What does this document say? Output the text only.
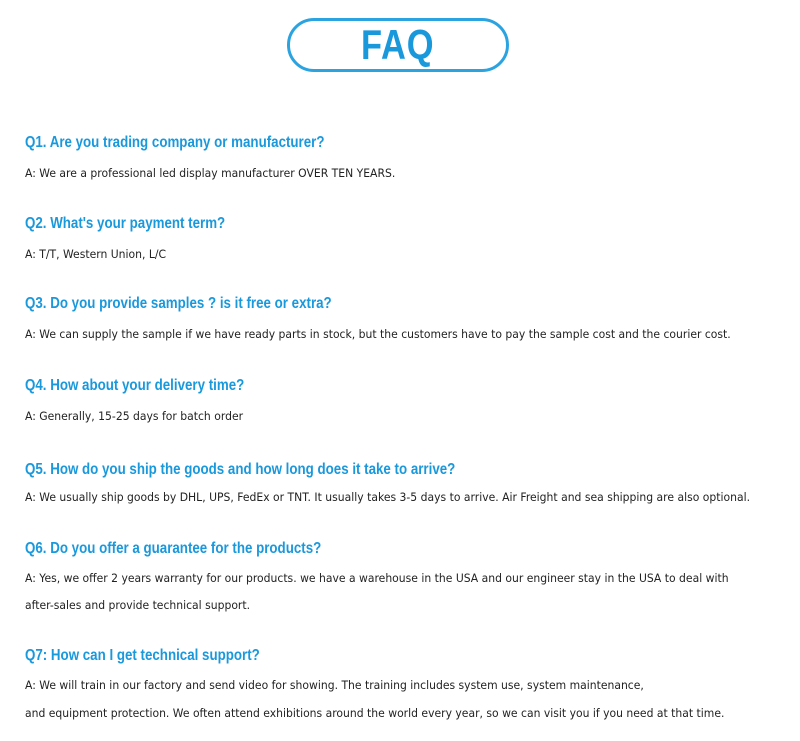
FAQ

Q1. Are you trading company or manufacturer?

A: We are a professional led display manufacturer OVER TEN YEARS.

Q2. What's your payment term?

A: T/T, Western Union, L/C

Q3. Do you provide samples ? is it free or extra?

A: We can supply the sample if we have ready parts in stock, but the customers have to pay the sample cost and the courier cost.

Q4. How about your delivery time?

A: Generally, 15-25 days for batch order

Q5. How do you ship the goods and how long does it take to arrive?

A: We usually ship goods by DHL, UPS, FedEx or TNT. It usually takes 3-5 days to arrive. Air Freight and sea shipping are also optional.

Q6. Do you offer a guarantee for the products?

A: Yes, we offer 2 years warranty for our products. we have a warehouse in the USA and our engineer stay in the USA to deal with

after-sales and provide technical support.

Q7: How can I get technical support?

A: We will train in our factory and send video for showing. The training includes system use, system maintenance,

and equipment protection. We often attend exhibitions around the world every year, so we can visit you if you need at that time.
